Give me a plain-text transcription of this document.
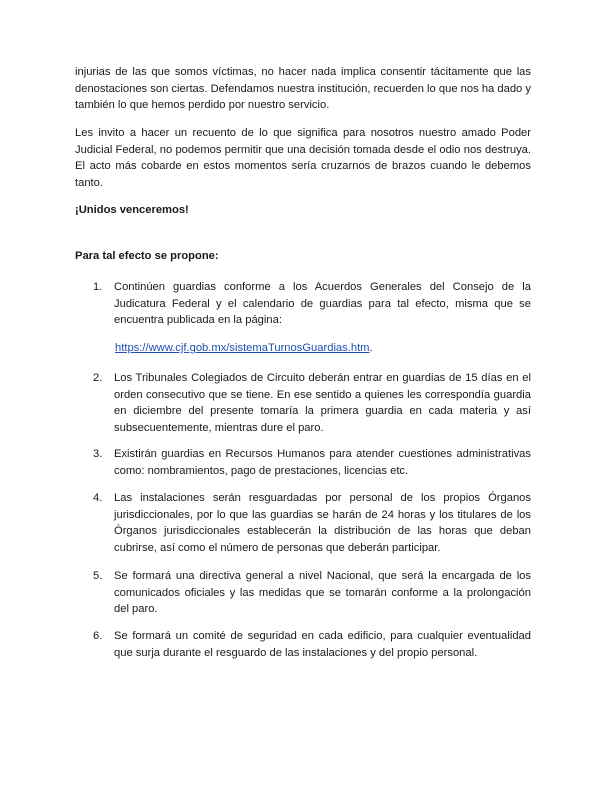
injurias de las que somos víctimas, no hacer nada implica consentir tácitamente que las denostaciones son ciertas. Defendamos nuestra institución, recuerden lo que nos ha dado y también lo que hemos perdido por nuestro servicio.

Les invito a hacer un recuento de lo que significa para nosotros nuestro amado Poder Judicial Federal, no podemos permitir que una decisión tomada desde el odio nos destruya. El acto más cobarde en estos momentos sería cruzarnos de brazos cuando le debemos tanto.

¡Unidos venceremos!

Para tal efecto se propone:

1.	Continúen guardias conforme a los Acuerdos Generales del Consejo de la Judicatura Federal y el calendario de guardias para tal efecto, misma que se encuentra publicada en la página:

https://www.cjf.gob.mx/sistemaTurnosGuardias.htm.

2.	Los Tribunales Colegiados de Circuito deberán entrar en guardias de 15 días en el orden consecutivo que se tiene. En ese sentido a quienes les correspondía guardia en diciembre del presente tomaría la primera guardia en cada materia y así subsecuentemente, mientras dure el paro.

3.	Existirán guardias en Recursos Humanos para atender cuestiones administrativas como: nombramientos, pago de prestaciones, licencias etc.

4.	Las instalaciones serán resguardadas por personal de los propios Órganos jurisdiccionales, por lo que las guardias se harán de 24 horas y los titulares de los Órganos jurisdiccionales establecerán la distribución de las horas que deban cubrirse, así como el número de personas que deberán participar.

5.	Se formará una directiva general a nivel Nacional, que será la encargada de los comunicados oficiales y las medidas que se tomarán conforme a la prolongación del paro.

6.	Se formará un comité de seguridad en cada edificio, para cualquier eventualidad que surja durante el resguardo de las instalaciones y del propio personal.
